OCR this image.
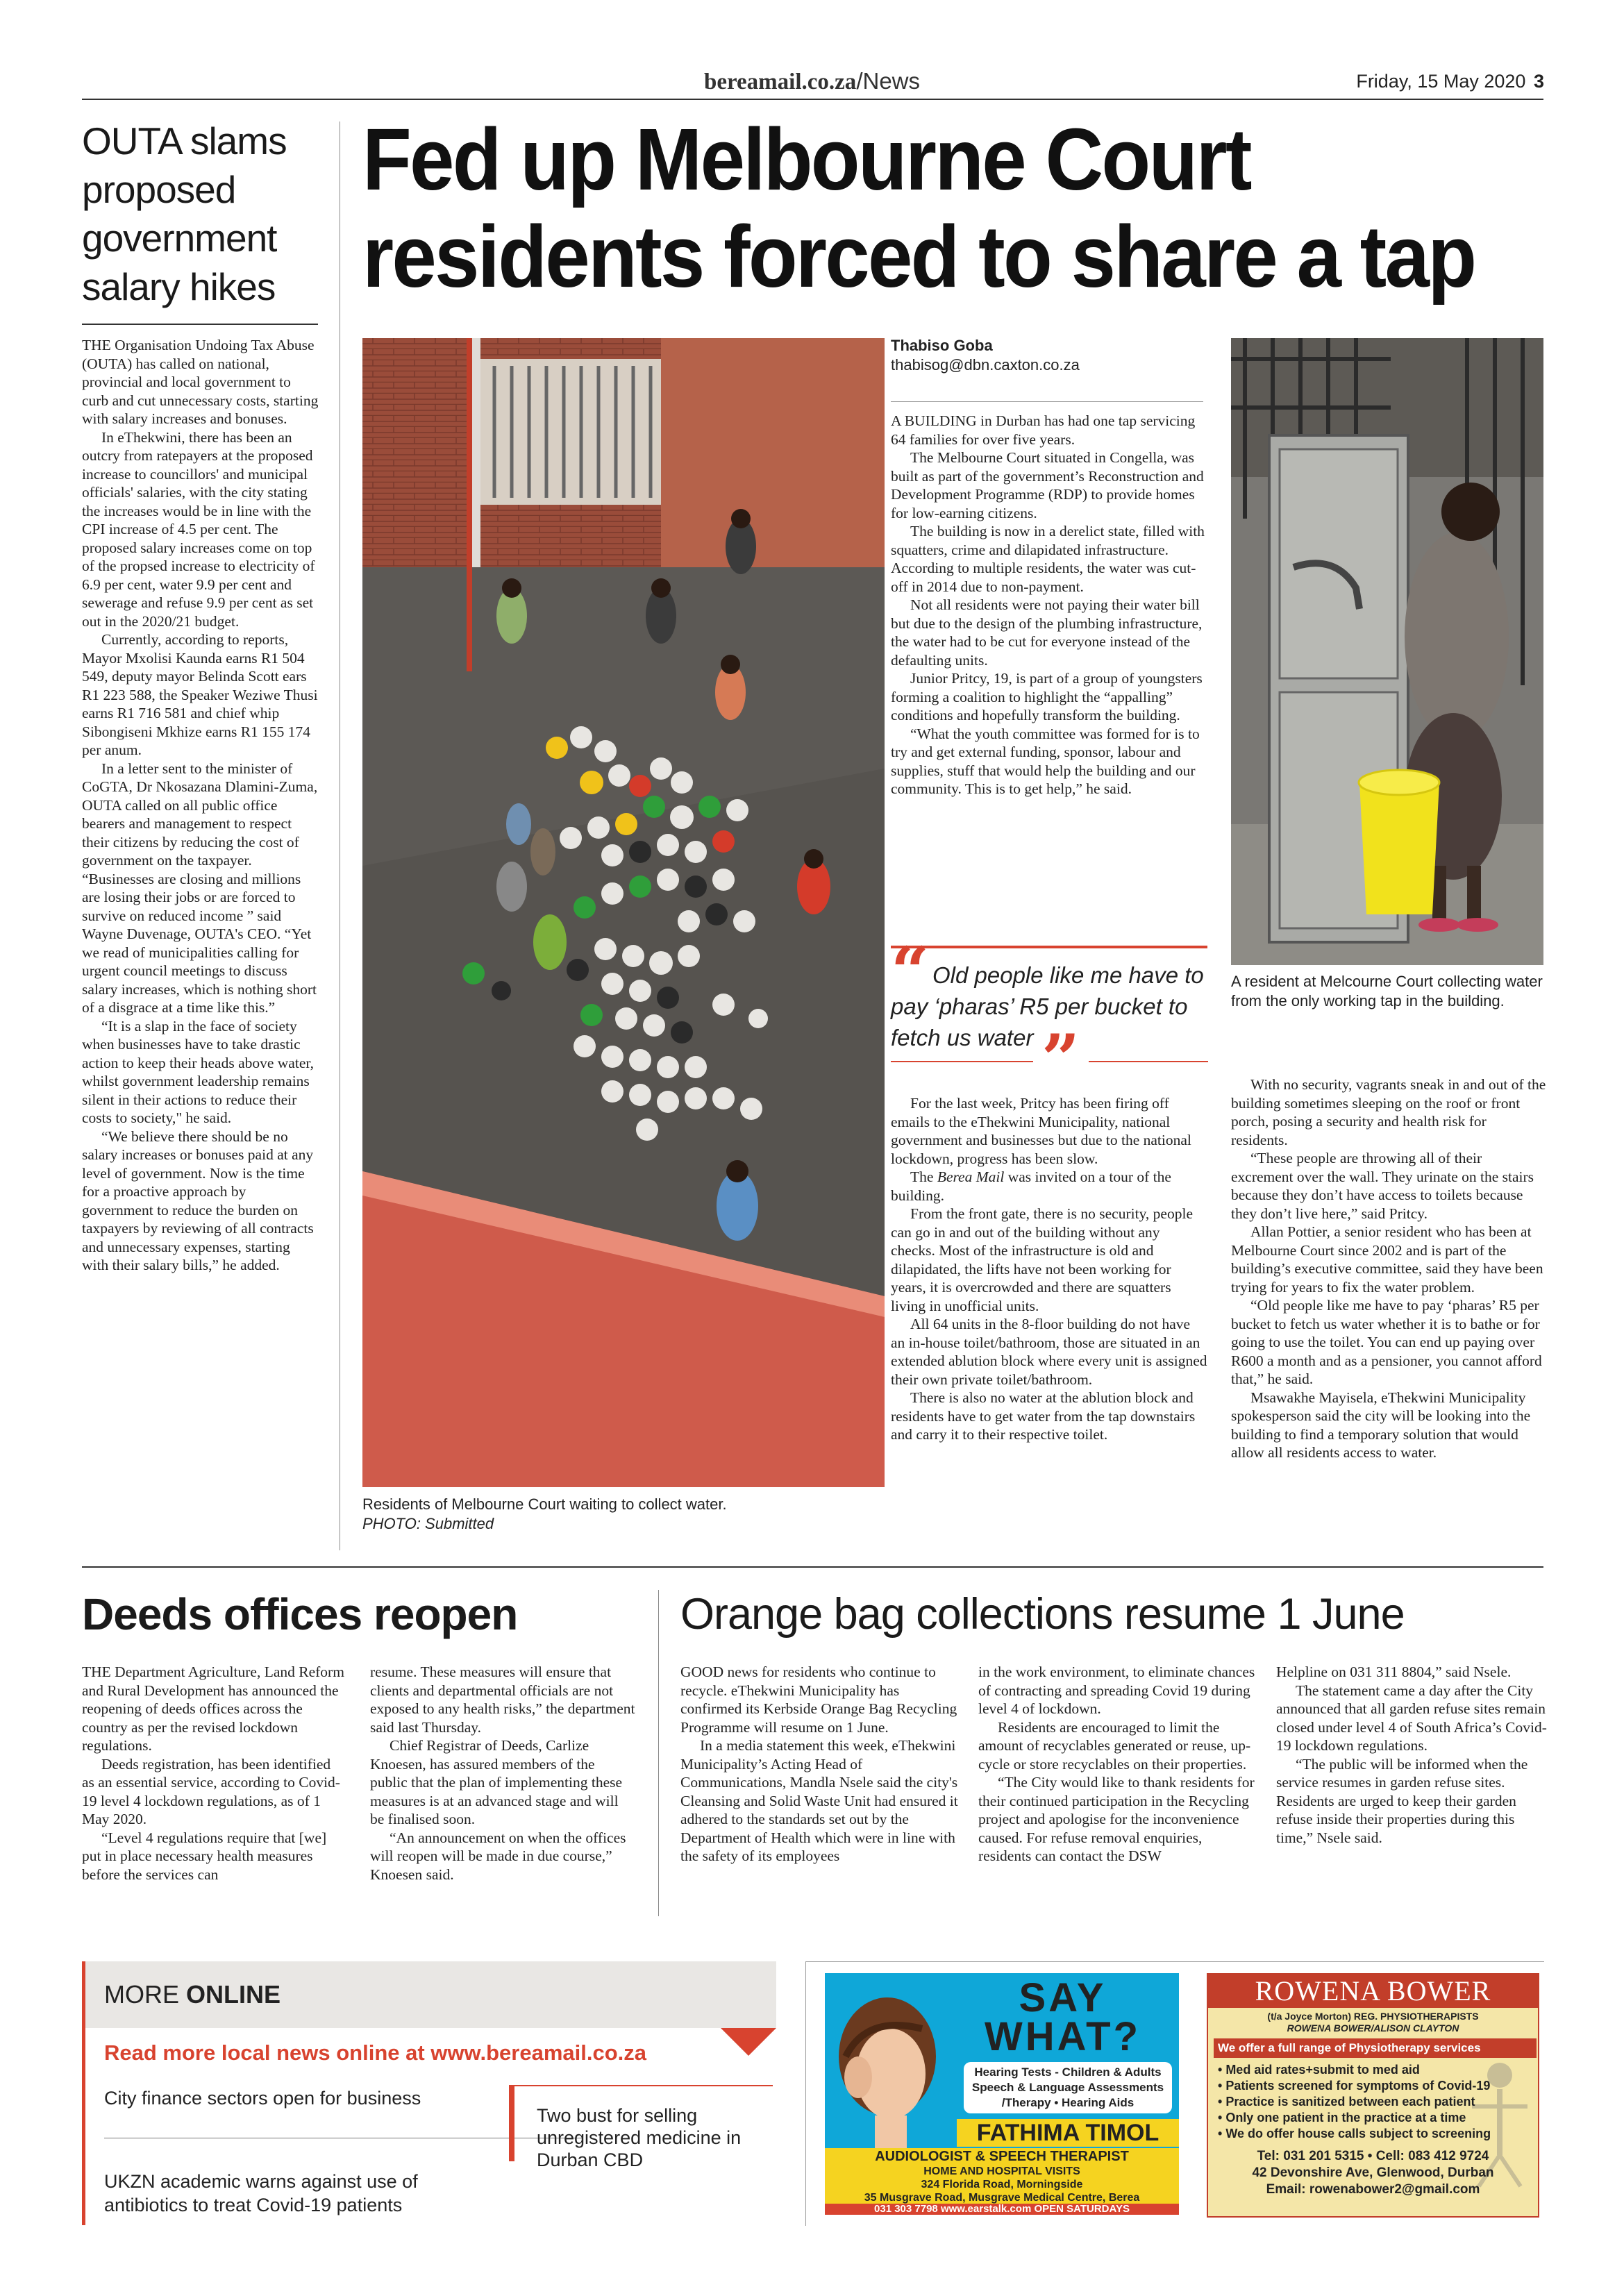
bereamail.co.za/News	Friday, 15 May 2020 3
OUTA slams proposed government salary hikes

THE Organisation Undoing Tax Abuse (OUTA) has called on national, provincial and local government to curb and cut unnecessary costs, starting with salary increases and bonuses.

In eThekwini, there has been an outcry from ratepayers at the proposed increase to councillors' and municipal officials' salaries, with the city stating the increases would be in line with the CPI increase of 4.5 per cent. The proposed salary increases come on top of the propsed increase to electricity of 6.9 per cent, water 9.9 per cent and sewerage and refuse 9.9 per cent as set out in the 2020/21 budget.

Currently, according to reports, Mayor Mxolisi Kaunda earns R1 504 549, deputy mayor Belinda Scott ears R1 223 588, the Speaker Weziwe Thusi earns R1 716 581 and chief whip Sibongiseni Mkhize earns R1 155 174 per anum.

In a letter sent to the minister of CoGTA, Dr Nkosazana Dlamini-Zuma, OUTA called on all public office bearers and management to respect their citizens by reducing the cost of government on the taxpayer. “Businesses are closing and millions are losing their jobs or are forced to survive on reduced income ” said Wayne Duvenage, OUTA's CEO. “Yet we read of municipalities calling for urgent council meetings to discuss salary increases, which is nothing short of a disgrace at a time like this.”

“It is a slap in the face of society when businesses have to take drastic action to keep their heads above water, whilst government leadership remains silent in their actions to reduce their costs to society," he said.

“We believe there should be no salary increases or bonuses paid at any level of government. Now is the time for a proactive approach by government to reduce the burden on taxpayers by reviewing of all contracts and unnecessary expenses, starting with their salary bills,” he added.

Fed up Melbourne Court
residents forced to share a tap
Residents of Melbourne Court waiting to collect water.
PHOTO: Submitted
Thabiso Goba
thabisog@dbn.caxton.co.za

A BUILDING in Durban has had one tap servicing 64 families for over five years.

The Melbourne Court situated in Congella, was built as part of the government’s Reconstruction and Development Programme (RDP) to provide homes for low-earning citizens.

The building is now in a derelict state, filled with squatters, crime and dilapidated infrastructure. According to multiple residents, the water was cut-off in 2014 due to non-payment.

Not all residents were not paying their water bill but due to the design of the plumbing infrastructure, the water had to be cut for everyone instead of the defaulting units.

Junior Pritcy, 19, is part of a group of youngsters forming a coalition to highlight the “appalling” conditions and hopefully transform the building.

“What the youth committee was formed for is to try and get external funding, sponsor, labour and supplies, stuff that would help the building and our community. This is to get help,” he said.

“ Old people like me have to pay ‘pharas’ R5 per bucket to fetch us water ”

For the last week, Pritcy has been firing off emails to the eThekwini Municipality, national government and businesses but due to the national lockdown, progress has been slow.

The Berea Mail was invited on a tour of the building.

From the front gate, there is no security, people can go in and out of the building without any checks. Most of the infrastructure is old and dilapidated, the lifts have not been working for years, it is overcrowded and there are squatters living in unofficial units.

All 64 units in the 8-floor building do not have an in-house toilet/bathroom, those are situated in an extended ablution block where every unit is assigned their own private toilet/bathroom.

There is also no water at the ablution block and residents have to get water from the tap downstairs and carry it to their respective toilet.

A resident at Melcourne Court collecting water from the only working tap in the building.

With no security, vagrants sneak in and out of the building sometimes sleeping on the roof or front porch, posing a security and health risk for residents.

“These people are throwing all of their excrement over the wall. They urinate on the stairs because they don’t have access to toilets because they don’t live here,” said Pritcy.

Allan Pottier, a senior resident who has been at Melbourne Court since 2002 and is part of the building’s executive committee, said they have been trying for years to fix the water problem.

“Old people like me have to pay ‘pharas’ R5 per bucket to fetch us water whether it is to bathe or for going to use the toilet. You can end up paying over R600 a month and as a pensioner, you cannot afford that,” he said.

Msawakhe Mayisela, eThekwini Municipality spokesperson said the city will be looking into the building to find a temporary solution that would allow all residents access to water.

Deeds offices reopen

THE Department Agriculture, Land Reform and Rural Development has announced the reopening of deeds offices across the country as per the revised lockdown regulations.

Deeds registration, has been identified as an essential service, according to Covid-19 level 4 lockdown regulations, as of 1 May 2020.

“Level 4 regulations require that [we] put in place necessary health measures before the services can

resume. These measures will ensure that clients and departmental officials are not exposed to any health risks,” the department said last Thursday.

Chief Registrar of Deeds, Carlize Knoesen, has assured members of the public that the plan of implementing these measures is at an advanced stage and will be finalised soon.

“An announcement on when the offices will reopen will be made in due course,” Knoesen said.

Orange bag collections resume 1 June

GOOD news for residents who continue to recycle. eThekwini Municipality has confirmed its Kerbside Orange Bag Recycling Programme will resume on 1 June.

In a media statement this week, eThekwini Municipality’s Acting Head of Communications, Mandla Nsele said the city's Cleansing and Solid Waste Unit had ensured it adhered to the standards set out by the Department of Health which were in line with the safety of its employees

in the work environment, to eliminate chances of contracting and spreading Covid 19 during level 4 of lockdown.

Residents are encouraged to limit the amount of recyclables generated or reuse, up-cycle or store recyclables on their properties.

“The City would like to thank residents for their continued participation in the Recycling project and apologise for the inconvenience caused. For refuse removal enquiries, residents can contact the DSW

Helpline on 031 311 8804,” said Nsele.

The statement came a day after the City announced that all garden refuse sites remain closed under level 4 of South Africa’s Covid-19 lockdown regulations.

“The public will be informed when the service resumes in garden refuse sites. Residents are urged to keep their garden refuse inside their properties during this time,” Nsele said.

MORE ONLINE
Read more local news online at www.bereamail.co.za
City finance sectors open for business
Two bust for selling unregistered medicine in Durban CBD
UKZN academic warns against use of antibiotics to treat Covid-19 patients
SAY
WHAT?
Hearing Tests - Children & Adults
Speech & Language Assessments
/Therapy • Hearing Aids
FATHIMA TIMOL
AUDIOLOGIST & SPEECH THERAPIST
HOME AND HOSPITAL VISITS
324 Florida Road, Morningside
35 Musgrave Road, Musgrave Medical Centre, Berea
031 303 7798 www.earstalk.com OPEN SATURDAYS
ROWENA BOWER
(t/a Joyce Morton) REG. PHYSIOTHERAPISTS
ROWENA BOWER/ALISON CLAYTON
We offer a full range of Physiotherapy services
• Med aid rates+submit to med aid
• Patients screened for symptoms of Covid-19
• Practice is sanitized between each patient
• Only one patient in the practice at a time
• We do offer house calls subject to screening
Tel: 031 201 5315 • Cell: 083 412 9724
42 Devonshire Ave, Glenwood, Durban
Email: rowenabower2@gmail.com
